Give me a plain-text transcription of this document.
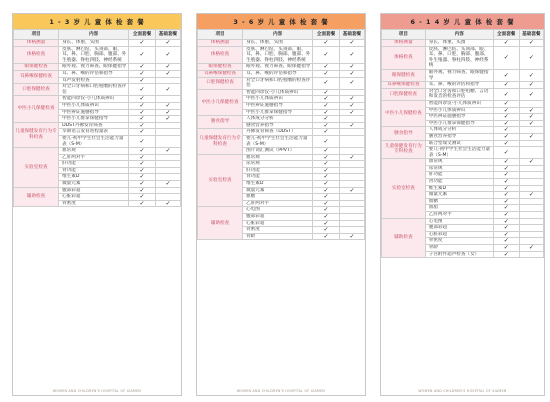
1 - 3 岁 儿 童 体 检 套 餐
项目	内容	全面套餐	基础套餐
体格测量	身长、体重、头围	✓	✓
体格检查	皮肤、淋巴结、头颈部、眼、耳、鼻、口腔、胸部、腹部、外生殖器、脊柱四肢、神经系统	✓	✓
眼保健检查	眼外观、视力筛查、眼保健指导	✓	✓
耳鼻喉保健检查	耳、鼻、喉的评估和指导	✓	✓
	耳声发射检查	✓	
口腔保健检查	对全口牙病和口腔咀嚼的检查评估	✓	✓
中医小儿保健检查	智能四诊仪-小儿体质辨识	✓	
	中医小儿体质辨识	✓	✓
	中医辨证施膳指导	✓	✓
	中医小儿推拿保健指导	✓	✓
儿童保健发育行为专科检查	DDST丹佛发育筛查	✓	
	早期语言发育进程量表	✓	
	婴儿-初中学生社会生活能力量表（S-M）	✓	
实验室检查	血常规	✓	✓
	乙肝两对半	✓	
	肝功能	✓	
	肾功能	✓	
	维生素D	✓	
	微量元素	✓	✓
辅助检查	腹部彩超	✓	
	心脏彩超	✓	
	骨密度	✓	✓
WOMEN AND CHILDREN'S HOSPITAL OF XIAMEN
3 - 6 岁 儿 童 体 检 套 餐
项目	内容	全面套餐	基础套餐
体格测量	身长、体重、头围	✓	✓
体格检查	皮肤、淋巴结、头颈部、眼、耳、鼻、口腔、胸部、腹部、外生殖器、脊柱四肢、神经系统	✓	✓
眼保健检查	眼外观、视力筛查、眼保健指导	✓	✓
耳鼻喉保健检查	耳、鼻、喉的评估和指导	✓	✓
口腔保健检查	对全口牙病和口腔咀嚼的检查评估	✓	✓
中医小儿保健检查	智能四诊仪-小儿体质辨识	✓	
	中医小儿体质辨识	✓	✓
	中医辨证施膳指导	✓	✓
	中医小儿推拿保健指导	✓	✓
膳食指导	人体成分分析	✓	
	膳食营养指导	✓	✓
儿童保健发育行为专科检查	丹佛发育筛查（DDST）	✓	
	婴儿-初中学生社会生活能力量表（S-M）	✓	
	图片词汇测试（PPVT）	✓	
实验室检查	血常规	✓	✓
	尿常规	✓	
	肝功能	✓	
	肾功能	✓	
	维生素D	✓	
	微量元素	✓	✓
	血糖	✓	
	乙肝两对半	✓	
辅助检查	心电图	✓	
	腹部彩超	✓	
	心脏彩超	✓	
	骨密度	✓	
	骨龄	✓	✓
WOMEN AND CHILDREN'S HOSPITAL OF XIAMEN
6 - 1 4 岁 儿 童 体 检 套 餐
项目	内容	全面套餐	基础套餐
体格测量	身长、体重、头围	✓	✓
体格检查	皮肤、淋巴结、头颈部、眼、耳、鼻、口腔、胸部、腹部、外生殖器、脊柱四肢、神经系统	✓	✓
眼保健检查	眼外观、视力筛查、眼保健指导	✓	✓
耳鼻喉保健检查	耳、鼻、喉的评估和指导	✓	✓
口腔保健检查	对全口牙齿和口腔咀嚼、言语和发音的检查评估	✓	✓
中医小儿保健检查	智能四诊仪-小儿体质辨识	✓	
	中医小儿体质辨识	✓	✓
	中医辨证施膳指导	✓	✓
	中医小儿推拿保健指导	✓	✓
膳食指导	人体成分分析	✓	
	膳食营养指导	✓	✓
儿童保健发育行为专科检查	联合型瑞文测试	✓	
	婴儿-初中学生社会生活能力量表（S-M）	✓	
实验室检查	血常规	✓	✓
	尿常规	✓	
	肝功能	✓	
	肾功能	✓	
	维生素D	✓	
	微量元素	✓	✓
	血糖	✓	
	血脂	✓	
	乙肝两对半	✓	
辅助检查	心电图	✓	
	腹部彩超	✓	
	心脏彩超	✓	
	骨密度	✓	
	骨龄	✓	✓
	子宫附件超声检查（女）	✓	
WOMEN AND CHILDREN'S HOSPITAL OF XIAMEN
